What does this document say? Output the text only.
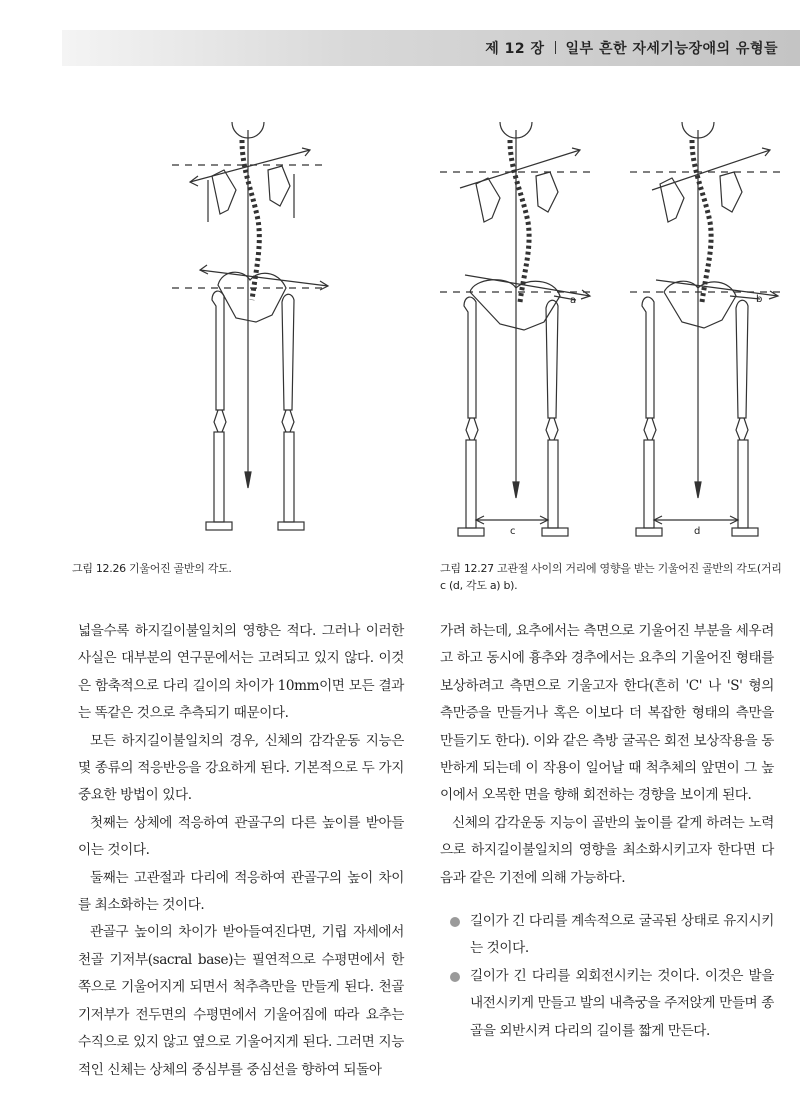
제 12 장 일부 흔한 자세기능장애의 유형들
a
c
b
d
그림 12.26 기울어진 골반의 각도.	그림 12.27 고관절 사이의 거리에 영향을 받는 기울어진 골반의 각도(거리
c (d, 각도 a) b).

넓을수록 하지길이불일치의 영향은 적다. 그러나 이러한 사실은 대부분의 연구문에서는 고려되고 있지 않다. 이것은 함축적으로 다리 길이의 차이가 10mm이면 모든 결과는 똑같은 것으로 추측되기 때문이다.

모든 하지길이불일치의 경우, 신체의 감각운동 지능은 몇 종류의 적응반응을 강요하게 된다. 기본적으로 두 가지 중요한 방법이 있다.

첫째는 상체에 적응하여 관골구의 다른 높이를 받아들이는 것이다.

둘째는 고관절과 다리에 적응하여 관골구의 높이 차이를 최소화하는 것이다.

관골구 높이의 차이가 받아들여진다면, 기립 자세에서 천골 기저부(sacral base)는 필연적으로 수평면에서 한쪽으로 기울어지게 되면서 척추측만을 만들게 된다. 천골 기저부가 전두면의 수평면에서 기울어짐에 따라 요추는 수직으로 있지 않고 옆으로 기울어지게 된다. 그러면 지능적인 신체는 상체의 중심부를 중심선을 향하여 되돌아

가려 하는데, 요추에서는 측면으로 기울어진 부분을 세우려고 하고 동시에 흉추와 경추에서는 요추의 기울어진 형태를 보상하려고 측면으로 기울고자 한다(흔히 'C' 나 'S' 형의 측만증을 만들거나 혹은 이보다 더 복잡한 형태의 측만을 만들기도 한다). 이와 같은 측방 굴곡은 회전 보상작용을 동반하게 되는데 이 작용이 일어날 때 척추체의 앞면이 그 높이에서 오목한 면을 향해 회전하는 경향을 보이게 된다.

신체의 감각운동 지능이 골반의 높이를 같게 하려는 노력으로 하지길이불일치의 영향을 최소화시키고자 한다면 다음과 같은 기전에 의해 가능하다.

길이가 긴 다리를 계속적으로 굴곡된 상태로 유지시키는 것이다.
길이가 긴 다리를 외회전시키는 것이다. 이것은 발을 내전시키게 만들고 발의 내측궁을 주저앉게 만들며 종골을 외반시켜 다리의 길이를 짧게 만든다.
